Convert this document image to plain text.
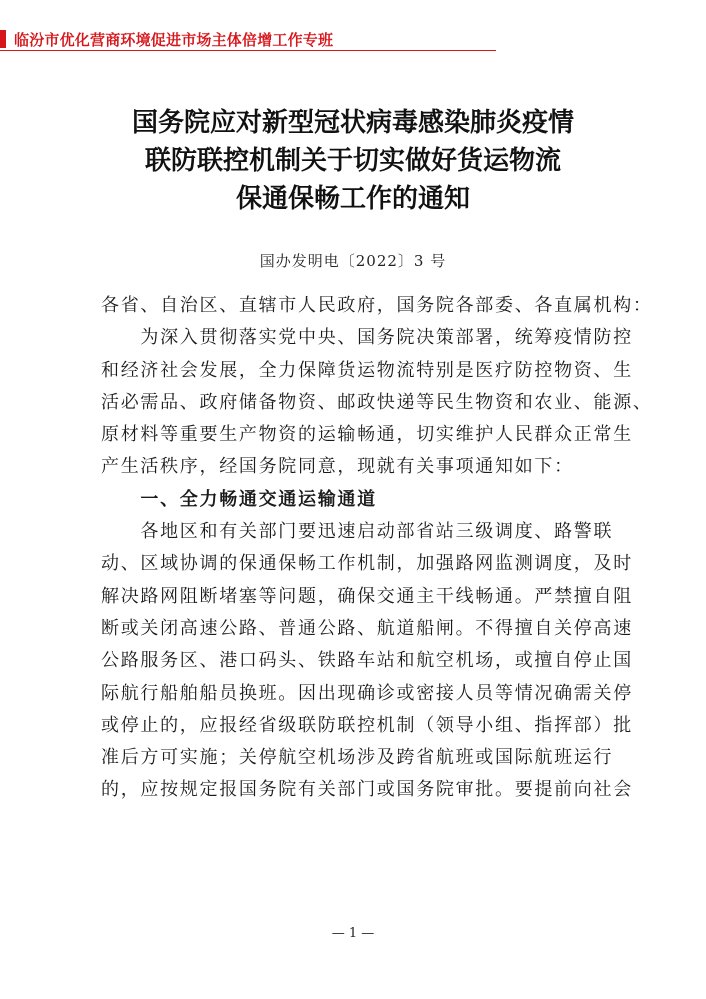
临汾市优化营商环境促进市场主体倍增工作专班
国务院应对新型冠状病毒感染肺炎疫情
联防联控机制关于切实做好货运物流
保通保畅工作的通知
国办发明电〔2022〕3 号
各省、自治区、直辖市人民政府，国务院各部委、各直属机构：
　　为深入贯彻落实党中央、国务院决策部署，统筹疫情防控
和经济社会发展，全力保障货运物流特别是医疗防控物资、生
活必需品、政府储备物资、邮政快递等民生物资和农业、能源、
原材料等重要生产物资的运输畅通，切实维护人民群众正常生
产生活秩序，经国务院同意，现就有关事项通知如下：
　　一、全力畅通交通运输通道
　　各地区和有关部门要迅速启动部省站三级调度、路警联
动、区域协调的保通保畅工作机制，加强路网监测调度，及时
解决路网阻断堵塞等问题，确保交通主干线畅通。严禁擅自阻
断或关闭高速公路、普通公路、航道船闸。不得擅自关停高速
公路服务区、港口码头、铁路车站和航空机场，或擅自停止国
际航行船舶船员换班。因出现确诊或密接人员等情况确需关停
或停止的，应报经省级联防联控机制（领导小组、指挥部）批
准后方可实施；关停航空机场涉及跨省航班或国际航班运行
的，应按规定报国务院有关部门或国务院审批。要提前向社会
— 1 —
